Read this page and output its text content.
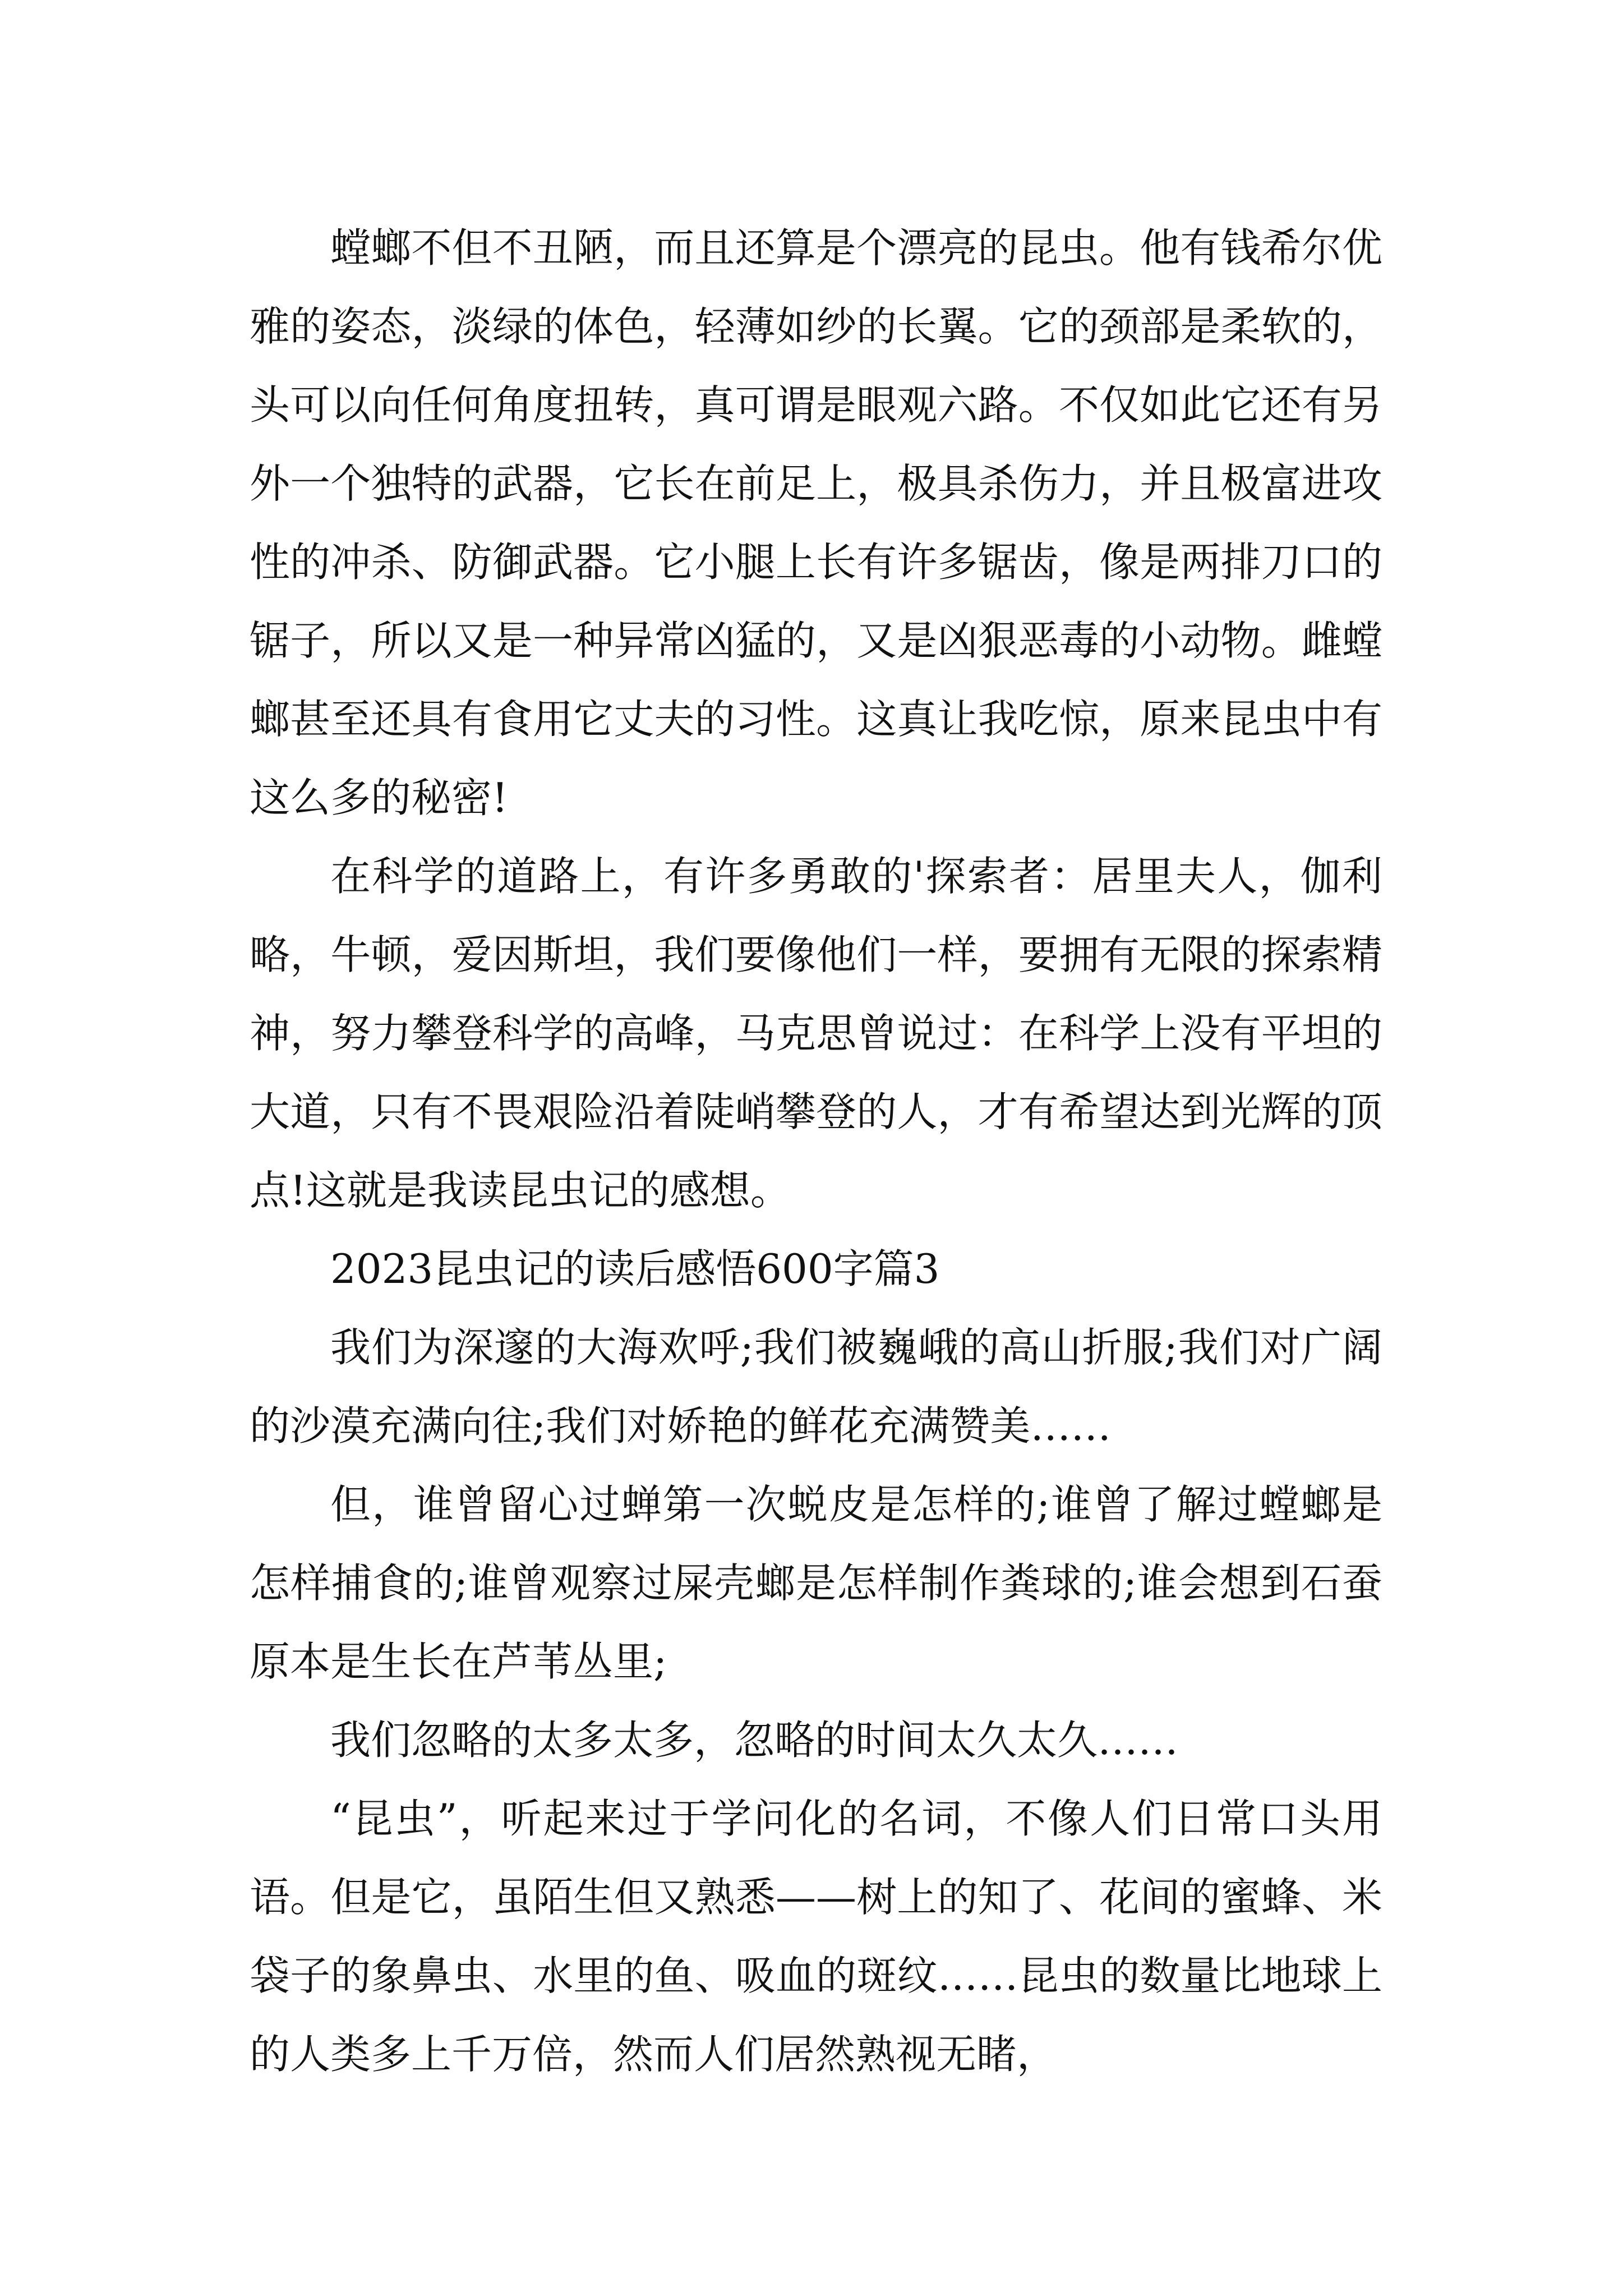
螳螂不但不丑陋，而且还算是个漂亮的昆虫。他有钱希尔优雅的姿态，淡绿的体色，轻薄如纱的长翼。它的颈部是柔软的，头可以向任何角度扭转，真可谓是眼观六路。不仅如此它还有另外一个独特的武器，它长在前足上，极具杀伤力，并且极富进攻性的冲杀、防御武器。它小腿上长有许多锯齿，像是两排刀口的锯子，所以又是一种异常凶猛的，又是凶狠恶毒的小动物。雌螳螂甚至还具有食用它丈夫的习性。这真让我吃惊，原来昆虫中有这么多的秘密!

在科学的道路上，有许多勇敢的'探索者：居里夫人，伽利略，牛顿，爱因斯坦，我们要像他们一样，要拥有无限的探索精神，努力攀登科学的高峰，马克思曾说过：在科学上没有平坦的大道，只有不畏艰险沿着陡峭攀登的人，才有希望达到光辉的顶点!这就是我读昆虫记的感想。

2023昆虫记的读后感悟600字篇3

我们为深邃的大海欢呼;我们被巍峨的高山折服;我们对广阔的沙漠充满向往;我们对娇艳的鲜花充满赞美……

但，谁曾留心过蝉第一次蜕皮是怎样的;谁曾了解过螳螂是怎样捕食的;谁曾观察过屎壳螂是怎样制作粪球的;谁会想到石蚕原本是生长在芦苇丛里;

我们忽略的太多太多，忽略的时间太久太久……

“昆虫”，听起来过于学问化的名词，不像人们日常口头用语。但是它，虽陌生但又熟悉——树上的知了、花间的蜜蜂、米袋子的象鼻虫、水里的鱼、吸血的斑纹……昆虫的数量比地球上的人类多上千万倍，然而人们居然熟视无睹，
